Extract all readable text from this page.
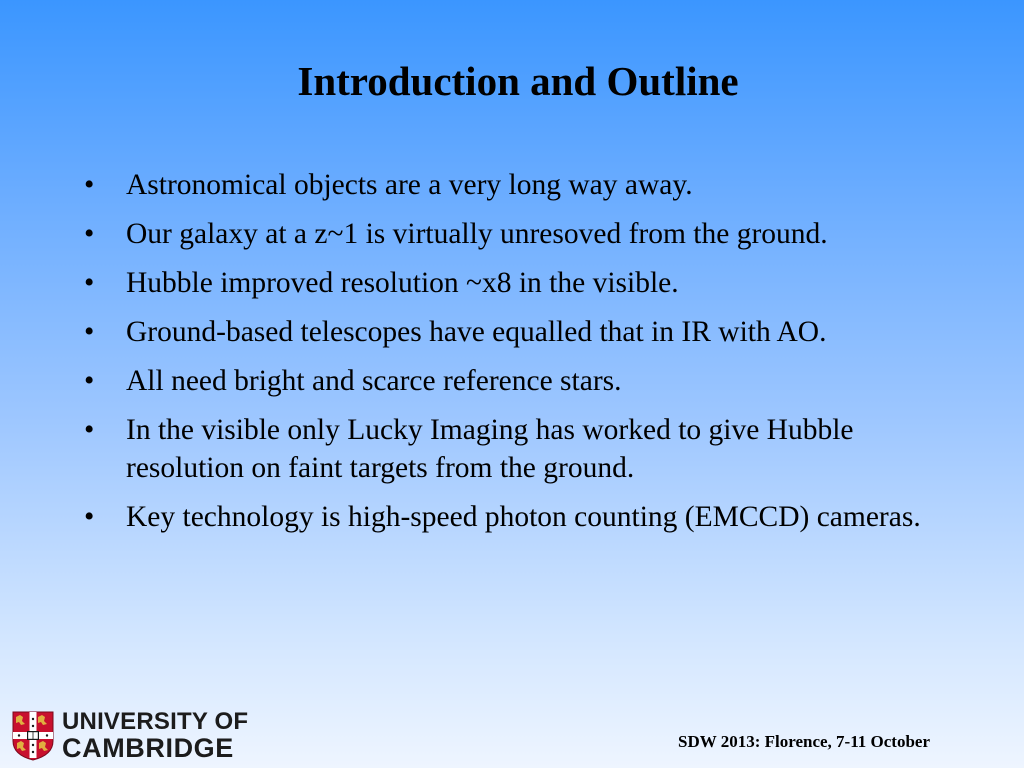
Introduction and Outline
•	Astronomical objects are a very long way away.
•	Our galaxy at a z~1 is virtually unresoved from the ground.
•	Hubble improved resolution ~x8 in the visible.
•	Ground-based telescopes have equalled that in IR with AO.
•	All need bright and scarce reference stars.
•	In the visible only Lucky Imaging has worked to give Hubble resolution on faint targets from the ground.
•	Key technology is high-speed photon counting (EMCCD) cameras.
UNIVERSITY OF
CAMBRIDGE	SDW 2013: Florence, 7-11 October
